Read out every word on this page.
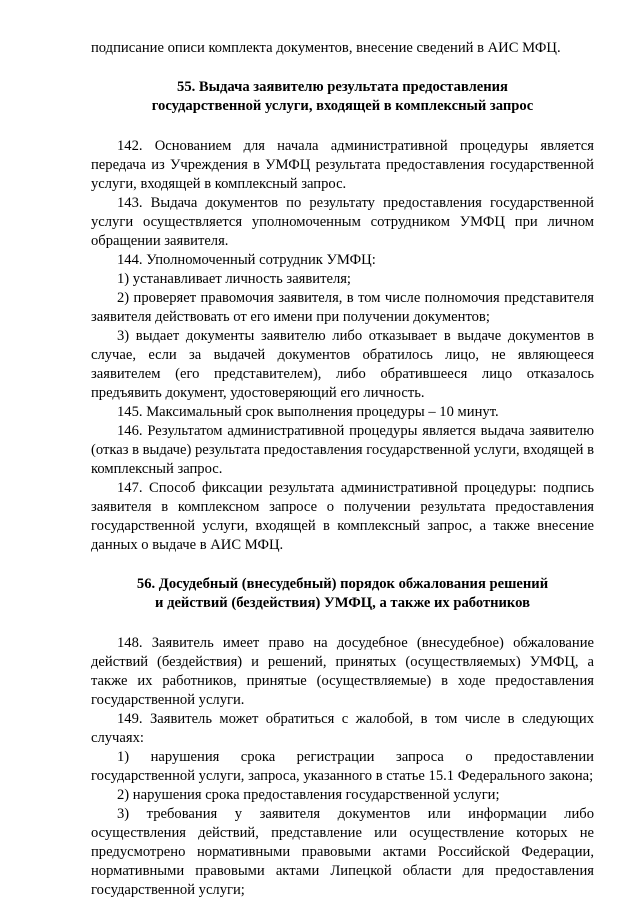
подписание описи комплекта документов, внесение сведений в АИС МФЦ.

55. Выдача заявителю результата предоставления
государственной услуги, входящей в комплексный запрос

142. Основанием для начала административной процедуры является передача из Учреждения в УМФЦ результата предоставления государственной услуги, входящей в комплексный запрос.

143. Выдача документов по результату предоставления государственной услуги осуществляется уполномоченным сотрудником УМФЦ при личном обращении заявителя.

144. Уполномоченный сотрудник УМФЦ:

1) устанавливает личность заявителя;

2) проверяет правомочия заявителя, в том числе полномочия представителя заявителя действовать от его имени при получении документов;

3) выдает документы заявителю либо отказывает в выдаче документов в случае, если за выдачей документов обратилось лицо, не являющееся заявителем (его представителем), либо обратившееся лицо отказалось предъявить документ, удостоверяющий его личность.

145. Максимальный срок выполнения процедуры – 10 минут.

146. Результатом административной процедуры является выдача заявителю (отказ в выдаче) результата предоставления государственной услуги, входящей в комплексный запрос.

147. Способ фиксации результата административной процедуры: подпись заявителя в комплексном запросе о получении результата предоставления государственной услуги, входящей в комплексный запрос, а также внесение данных о выдаче в АИС МФЦ.

56. Досудебный (внесудебный) порядок обжалования решений
и действий (бездействия) УМФЦ, а также их работников

148. Заявитель имеет право на досудебное (внесудебное) обжалование действий (бездействия) и решений, принятых (осуществляемых) УМФЦ, а также их работников, принятые (осуществляемые) в ходе предоставления государственной услуги.

149. Заявитель может обратиться с жалобой, в том числе в следующих случаях:

1) нарушения срока регистрации запроса о предоставлении государственной услуги, запроса, указанного в статье 15.1 Федерального закона;

2) нарушения срока предоставления государственной услуги;

3) требования у заявителя документов или информации либо осуществления действий, представление или осуществление которых не предусмотрено нормативными правовыми актами Российской Федерации, нормативными правовыми актами Липецкой области для предоставления государственной услуги;
